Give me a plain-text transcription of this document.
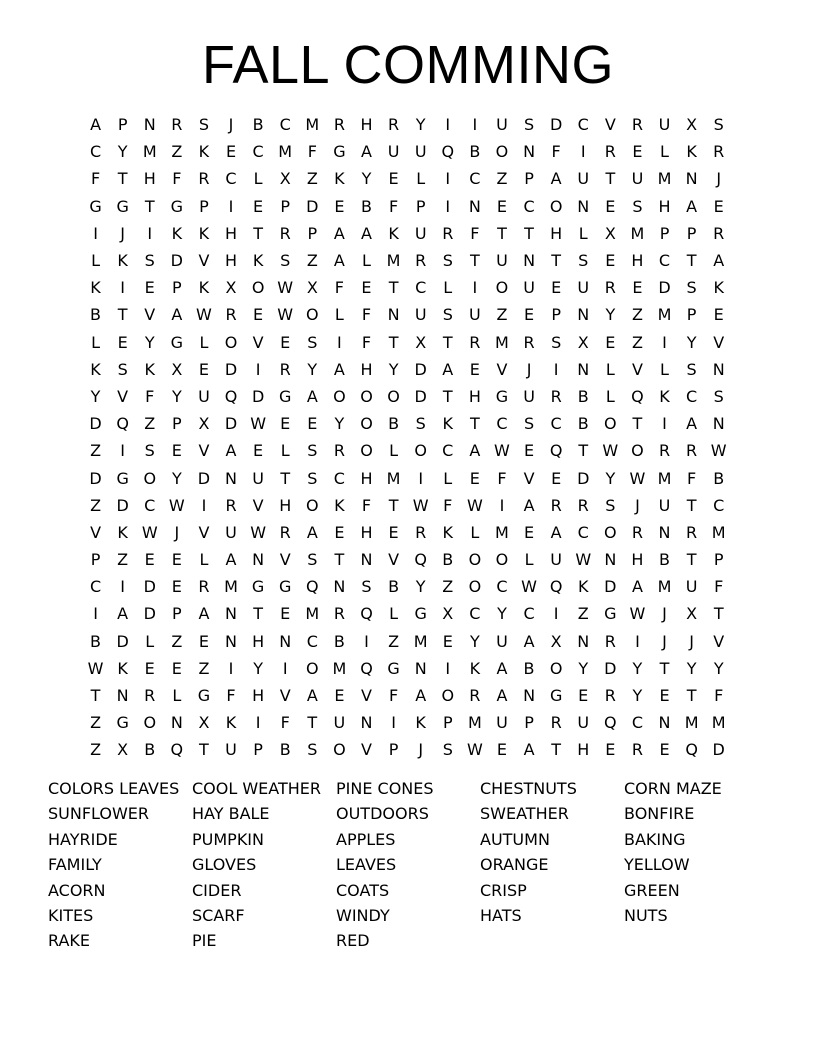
FALL COMMING
A	P	N R	S	J	B	C M R H R	Y	I	I	U	S D C	V	R U X	S
C	Y M Z	K	E	C M F	G A U U Q B O N	F	I	R	E	L	K	R
F	T	H	F	R C	L	X	Z	K	Y	E	L	I	C	Z	P	A U	T	U M N	J
G G	T	G	P	I	E	P	D E	B	F	P	I	N	E	C O N	E	S	H A	E
I	J	I	K	K H	T	R	P	A	A	K U R	F	T	T	H	L	X M P	P	R
L	K	S D V H K	S	Z	A	L M R	S	T	U N	T	S	E	H C	T	A
K	I	E	P	K	X O W X	F	E	T	C	L	I	O U	E	U R	E D S	K
B	T	V	A W R	E W O	L	F	N U	S	U Z	E	P	N	Y	Z M P	E
L	E	Y	G	L	O V	E	S	I	F	T	X	T	R M R	S	X	E	Z	I	Y	V
K	S	K	X	E D	I	R	Y	A H	Y	D A	E	V	J	I	N	L	V	L	S	N
Y	V	F	Y	U Q D G A O O O D	T	H G U R	B	L	Q K	C	S
D Q Z	P	X D W E	E	Y O B	S	K	T	C	S	C	B O T	I	A N
Z	I	S	E	V	A	E	L	S	R O	L	O C	A W E Q T W O R R W
D G O Y	D N U	T	S	C H M	I	L	E	F	V	E D	Y W M F	B
Z D C W	I	R	V H O K	F	T W F W	I	A	R R	S	J	U	T	C
V	K W	J	V U W R	A	E	H	E	R	K	L M E	A	C O R N R M
P	Z	E	E	L	A N V	S	T	N V Q B O O	L	U W N H B	T	P
C	I	D E	R M G G Q N	S	B	Y	Z O C W Q K D A M U	F
I	A D	P	A N	T	E M R Q	L	G X	C	Y	C	I	Z G W	J	X	T
B D	L	Z	E	N H N C	B	I	Z M E	Y	U A	X N R	I	J	J	V
W K	E	E	Z	I	Y	I	O M Q G N	I	K	A	B O Y	D	Y	T	Y	Y
T	N R	L	G	F	H V	A	E	V	F	A O R	A N G E	R	Y	E	T	F
Z G O N X	K	I	F	T	U N	I	K	P M U	P	R U Q C N M M
Z	X	B Q T	U	P	B	S O V	P	J	S W E	A	T	H	E	R	E Q D
COLORS LEAVES
SUNFLOWER
HAYRIDE
FAMILY
ACORN
KITES
RAKE
COOL WEATHER
HAY BALE
PUMPKIN
GLOVES
CIDER
SCARF
PIE
PINE CONES
OUTDOORS
APPLES
LEAVES
COATS
WINDY
RED
CHESTNUTS
SWEATHER
AUTUMN
ORANGE
CRISP
HATS
CORN MAZE
BONFIRE
BAKING
YELLOW
GREEN
NUTS
